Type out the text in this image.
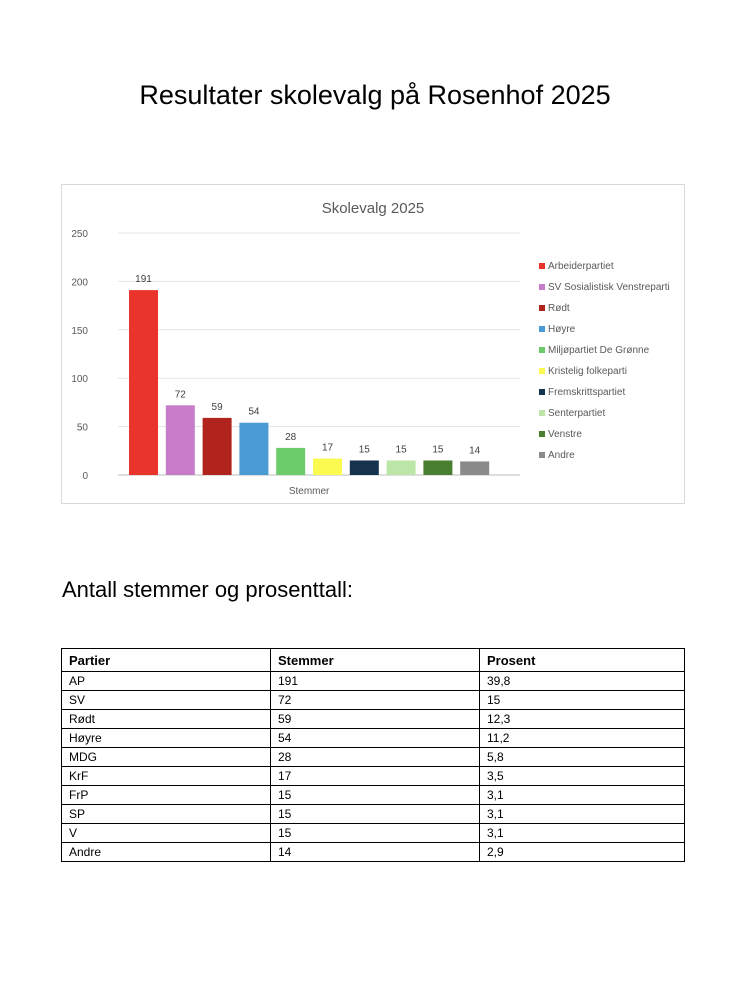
Resultater skolevalg på Rosenhof 2025
Skolevalg 2025
0
50
100
150
200
250
191
72
59	54
28
17	15	15	15	14
Stemmer
Arbeiderpartiet
SV Sosialistisk Venstreparti
Rødt
Høyre
Miljøpartiet De Grønne
Kristelig folkeparti
Fremskrittspartiet
Senterpartiet
Venstre
Andre
Antall stemmer og prosenttall:
Partier	Stemmer	Prosent
AP	191	39,8
SV	72	15
Rødt	59	12,3
Høyre	54	11,2
MDG	28	5,8
KrF	17	3,5
FrP	15	3,1
SP	15	3,1
V	15	3,1
Andre	14	2,9
